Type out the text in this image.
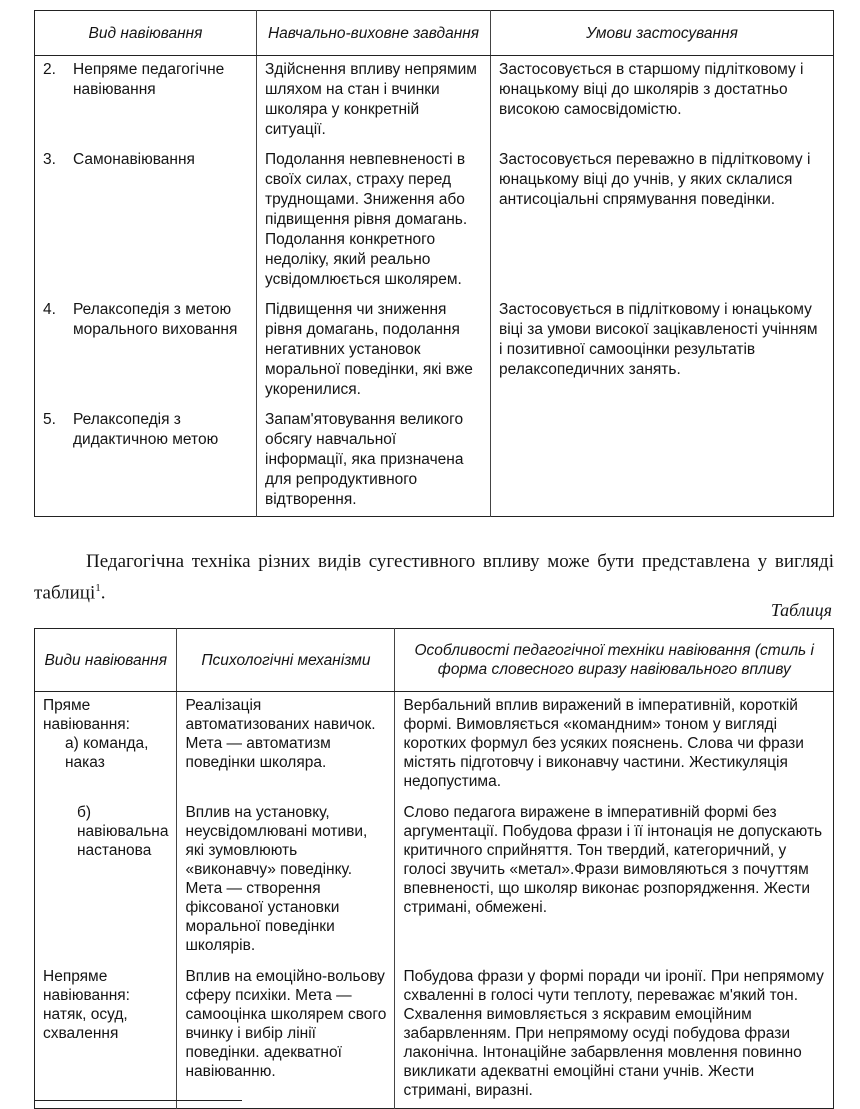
Вид навіювання	Навчально-виховне завдання	Умови застосування

2. Непряме педагогічне навіювання	Здійснення впливу непрямим шляхом на стан і вчинки школяра у конкретній ситуації.	Застосовується в старшому підлітковому і юнацькому віці до школярів з достатньо високою самосвідомістю.

3. Самонавіювання	Подолання невпевненості в своїх силах, страху перед труднощами. Зниження або підвищення рівня домагань. Подолання конкретного недоліку, який реально усвідомлюється школярем.	Застосовується переважно в підлітковому і юнацькому віці до учнів, у яких склалися антисоціальні спрямування поведінки.

4. Релаксопедія з метою морального виховання	Підвищення чи зниження рівня домагань, подолання негативних установок моральної поведінки, які вже укоренилися.	Застосовується в підлітковому і юнацькому віці за умови високої зацікавленості учінням і позитивної самооцінки результатів релаксопедичних занять.

5. Релаксопедія з дидактичною метою	Запам'ятовування великого обсягу навчальної інформації, яка призначена для репродуктивного відтворення.	

Педагогічна техніка різних видів сугестивного впливу може бути представлена у вигляді таблиці$^1$.

Таблиця

Види навіювання	Психологічні механізми	Особливості педагогічної техніки навіювання (стиль і форма словесного виразу навіювального впливу

Пряме навіювання:
а) команда, наказ	Реалізація автоматизованих навичок. Мета — автоматизм поведінки школяра.	Вербальний вплив виражений в імперативній, короткій формі. Вимовляється «командним» тоном у вигляді коротких формул без усяких пояснень. Слова чи фрази містять підготовчу і виконавчу частини. Жестикуляція недопустима.

б) навіювальна настанова	Вплив на установку, неусвідомлювані мотиви, які зумовлюють «виконавчу» поведінку. Мета — створення фіксованої установки моральної поведінки школярів.	Слово педагога виражене в імперативній формі без аргументації. Побудова фрази і її інтонація не допускають критичного сприйняття. Тон твердий, категоричний, у голосі звучить «метал».Фрази вимовляються з почуттям впевненості, що школяр виконає розпорядження. Жести стримані, обмежені.
Непряме навіювання: натяк, осуд, схвалення	Вплив на емоційно-вольову сферу психіки. Мета — самооцінка школярем свого вчинку і вибір лінії поведінки. адекватної навіюванню.	Побудова фрази у формі поради чи іронії. При непрямому схваленні в голосі чути теплоту, переважає м'який тон. Схвалення вимовляється з яскравим емоційним забарвленням. При непрямому осуді побудова фрази лаконічна. Інтонаційне забарвлення мовлення повинно викликати адекватні емоційні стани учнів. Жести стримані, виразні.
